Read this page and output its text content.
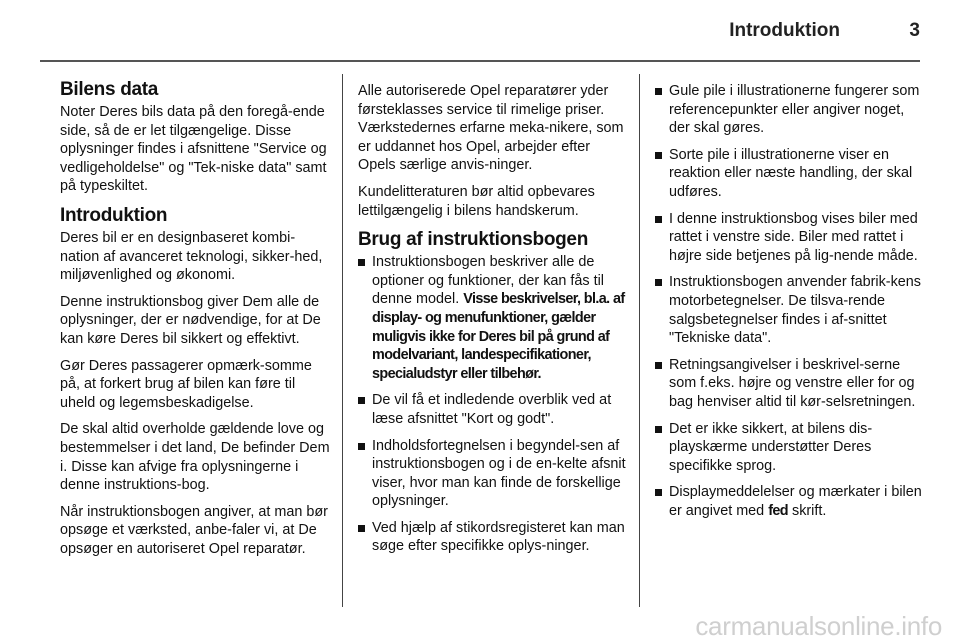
Introduktion	3
Bilens data

Noter Deres bils data på den foregå-ende side, så de er let tilgængelige. Disse oplysninger findes i afsnittene "Service og vedligeholdelse" og "Tek-niske data" samt på typeskiltet.

Introduktion

Deres bil er en designbaseret kombi-nation af avanceret teknologi, sikker-hed, miljøvenlighed og økonomi.

Denne instruktionsbog giver Dem alle de oplysninger, der er nødvendige, for at De kan køre Deres bil sikkert og effektivt.

Gør Deres passagerer opmærk-somme på, at forkert brug af bilen kan føre til uheld og legemsbeskadigelse.

De skal altid overholde gældende love og bestemmelser i det land, De befinder Dem i. Disse kan afvige fra oplysningerne i denne instruktions-bog.

Når instruktionsbogen angiver, at man bør opsøge et værksted, anbe-faler vi, at De opsøger en autoriseret Opel reparatør.

Alle autoriserede Opel reparatører yder førsteklasses service til rimelige priser. Værkstedernes erfarne meka-nikere, som er uddannet hos Opel, arbejder efter Opels særlige anvis-ninger.

Kundelitteraturen bør altid opbevares lettilgængelig i bilens handskerum.

Brug af instruktionsbogen
Instruktionsbogen beskriver alle de optioner og funktioner, der kan fås til denne model. Visse beskrivelser, bl.a. af display- og menufunktioner, gælder muligvis ikke for Deres bil på grund af modelvariant, landespecifikationer, specialudstyr eller tilbehør.
De vil få et indledende overblik ved at læse afsnittet "Kort og godt".
Indholdsfortegnelsen i begyndel-sen af instruktionsbogen og i de en-kelte afsnit viser, hvor man kan finde de forskellige oplysninger.
Ved hjælp af stikordsregisteret kan man søge efter specifikke oplys-ninger.
Gule pile i illustrationerne fungerer som referencepunkter eller angiver noget, der skal gøres.
Sorte pile i illustrationerne viser en reaktion eller næste handling, der skal udføres.
I denne instruktionsbog vises biler med rattet i venstre side. Biler med rattet i højre side betjenes på lig-nende måde.
Instruktionsbogen anvender fabrik-kens motorbetegnelser. De tilsva-rende salgsbetegnelser findes i af-snittet "Tekniske data".
Retningsangivelser i beskrivel-serne som f.eks. højre og venstre eller for og bag henviser altid til kør-selsretningen.
Det er ikke sikkert, at bilens dis-playskærme understøtter Deres specifikke sprog.
Displaymeddelelser og mærkater i bilen er angivet med fed skrift.
carmanualsonline.info
